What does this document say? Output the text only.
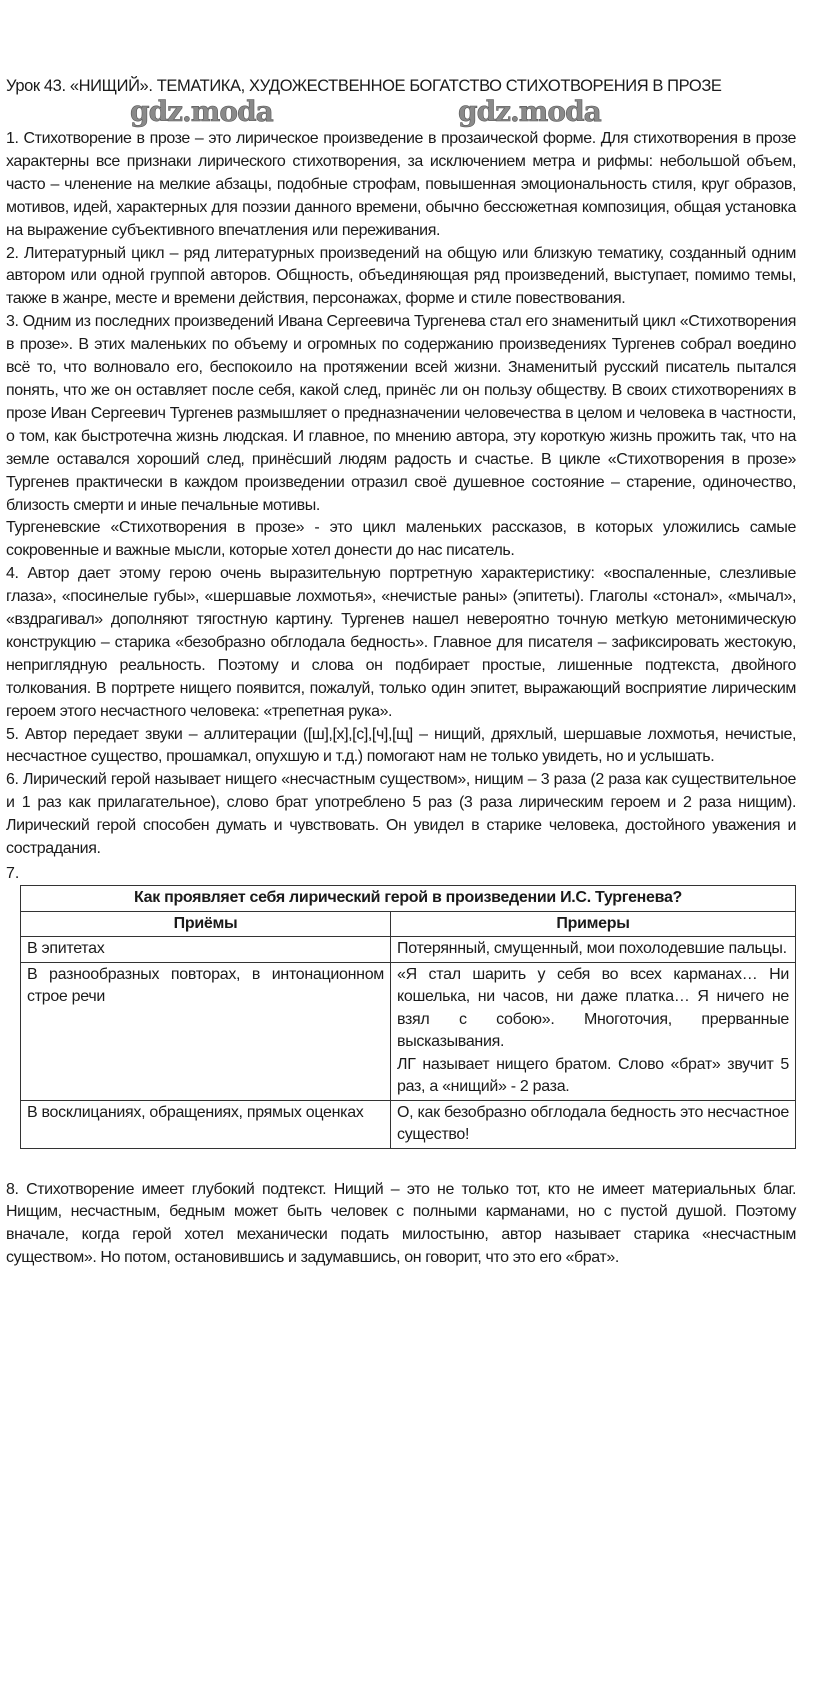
Урок 43. «НИЩИЙ». ТЕМАТИКА, ХУДОЖЕСТВЕННОЕ БОГАТСТВО СТИХОТВОРЕНИЯ В ПРОЗЕ
gdz.moda	gdz.moda

1. Стихотворение в прозе – это лирическое произведение в прозаической форме. Для стихотворения в прозе характерны все признаки лирического стихотворения, за исключением метра и рифмы: небольшой объем, часто – членение на мелкие абзацы, подобные строфам, повышенная эмоциональность стиля, круг образов, мотивов, идей, характерных для поэзии данного времени, обычно бессюжетная композиция, общая установка на выражение субъективного впечатления или переживания.

2. Литературный цикл – ряд литературных произведений на общую или близкую тематику, созданный одним автором или одной группой авторов. Общность, объединяющая ряд произведений, выступает, помимо темы, также в жанре, месте и времени действия, персонажах, форме и стиле повествования.

3. Одним из последних произведений Ивана Сергеевича Тургенева стал его знаменитый цикл «Стихотворения в прозе». В этих маленьких по объему и огромных по содержанию произведениях Тургенев собрал воедино всё то, что волновало его, беспокоило на протяжении всей жизни. Знаменитый русский писатель пытался понять, что же он оставляет после себя, какой след, принёс ли он пользу обществу. В своих стихотворениях в прозе Иван Сергеевич Тургенев размышляет о предназначении человечества в целом и человека в частности, о том, как быстротечна жизнь людская. И главное, по мнению автора, эту короткую жизнь прожить так, что на земле оставался хороший след, принёсший людям радость и счастье. В цикле «Стихотворения в прозе» Тургенев практически в каждом произведении отразил своё душевное состояние – старение, одиночество, близость смерти и иные печальные мотивы.

Тургеневские «Стихотворения в прозе» - это цикл маленьких рассказов, в которых уложились самые сокровенные и важные мысли, которые хотел донести до нас писатель.

4. Автор дает этому герою очень выразительную портретную характеристику: «воспаленные, слезливые глаза», «посинелые губы», «шершавые лохмотья», «нечистые раны» (эпитеты). Глаголы «стонал», «мычал», «вздрагивал» дополняют тягостную картину. Тургенев нашел невероятно точную метkую метонимическую конструкцию – старика «безобразно обглодала бедность». Главное для писателя – зафиксировать жестокую, неприглядную реальность. Поэтому и слова он подбирает простые, лишенные подтекста, двойного толкования. В портрете нищего появится, пожалуй, только один эпитет, выражающий восприятие лирическим героем этого несчастного человека: «трепетная рука».

5. Автор передает звуки – аллитерации ([ш],[х],[с],[ч],[щ] – нищий, дряхлый, шершавые лохмотья, нечистые, несчастное существо, прошамкал, опухшую и т.д.) помогают нам не только увидеть, но и услышать.

6. Лирический герой называет нищего «несчастным существом», нищим – 3 раза (2 раза как существительное и 1 раз как прилагательное), слово брат употреблено 5 раз (3 раза лирическим героем и 2 раза нищим). Лирический герой способен думать и чувствовать. Он увидел в старике человека, достойного уважения и сострадания.

7.
Как проявляет себя лирический герой в произведении И.С. Тургенева?	
Приёмы	Примеры
В эпитетах	Потерянный, смущенный, мои похолодевшие пальцы.
В разнообразных повторах, в интонационном строе речи	«Я стал шарить у себя во всех карманах… Ни кошелька, ни часов, ни даже платка… Я ничего не взял с собою». Многоточия, прерванные высказывания.
ЛГ называет нищего братом. Слово «брат» звучит 5 раз, а «нищий» - 2 раза.
В восклицаниях, обращениях, прямых оценках	О, как безобразно обглодала бедность это несчастное существо!
8. Стихотворение имеет глубокий подтекст. Нищий – это не только тот, кто не имеет материальных благ. Нищим, несчастным, бедным может быть человек с полными карманами, но с пустой душой. Поэтому вначале, когда герой хотел механически подать милостыню, автор называет старика «несчастным существом». Но потом, остановившись и задумавшись, он говорит, что это его «брат».
